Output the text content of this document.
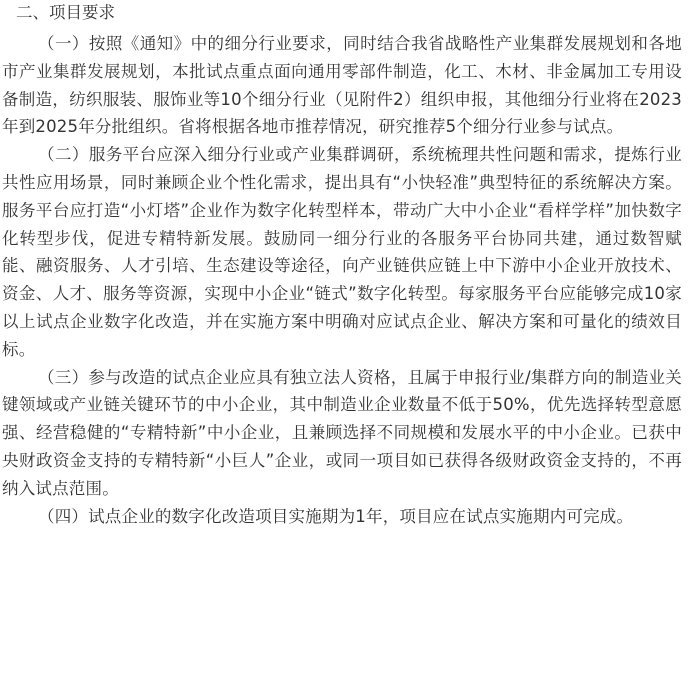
二、项目要求

（一）按照《通知》中的细分行业要求，同时结合我省战略性产业集群发展规划和各地市产业集群发展规划，本批试点重点面向通用零部件制造，化工、木材、非金属加工专用设备制造，纺织服装、服饰业等10个细分行业（见附件2）组织申报，其他细分行业将在2023年到2025年分批组织。省将根据各地市推荐情况，研究推荐5个细分行业参与试点。

（二）服务平台应深入细分行业或产业集群调研，系统梳理共性问题和需求，提炼行业共性应用场景，同时兼顾企业个性化需求，提出具有“小快轻准”典型特征的系统解决方案。服务平台应打造“小灯塔”企业作为数字化转型样本，带动广大中小企业“看样学样”加快数字化转型步伐，促进专精特新发展。鼓励同一细分行业的各服务平台协同共建，通过数智赋能、融资服务、人才引培、生态建设等途径，向产业链供应链上中下游中小企业开放技术、资金、人才、服务等资源，实现中小企业“链式”数字化转型。每家服务平台应能够完成10家以上试点企业数字化改造，并在实施方案中明确对应试点企业、解决方案和可量化的绩效目标。

（三）参与改造的试点企业应具有独立法人资格，且属于申报行业/集群方向的制造业关键领域或产业链关键环节的中小企业，其中制造业企业数量不低于50%，优先选择转型意愿强、经营稳健的“专精特新”中小企业，且兼顾选择不同规模和发展水平的中小企业。已获中央财政资金支持的专精特新“小巨人”企业，或同一项目如已获得各级财政资金支持的，不再纳入试点范围。

（四）试点企业的数字化改造项目实施期为1年，项目应在试点实施期内可完成。
